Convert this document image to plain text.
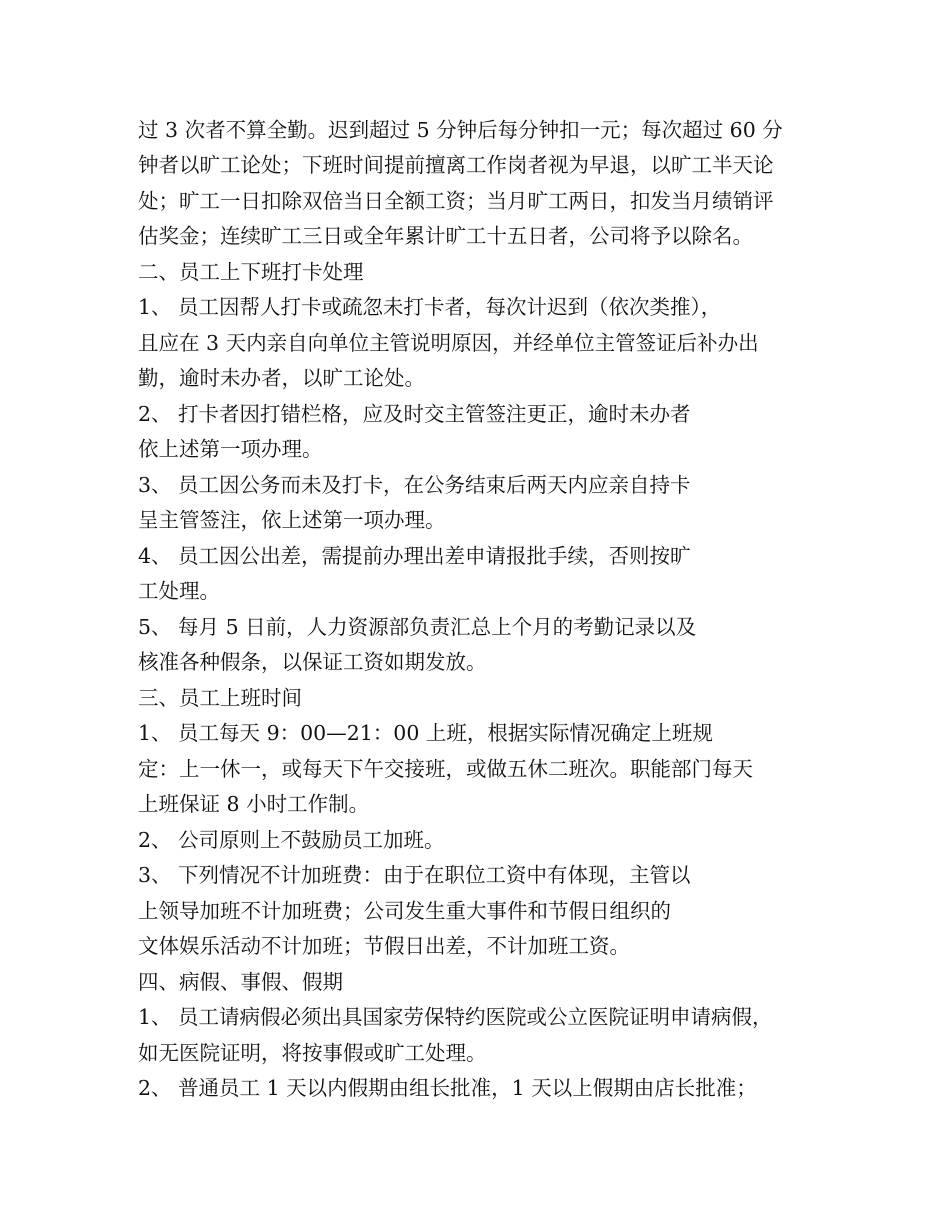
过 3 次者不算全勤。迟到超过 5 分钟后每分钟扣一元；每次超过 60 分
钟者以旷工论处；下班时间提前擅离工作岗者视为早退，以旷工半天论
处；旷工一日扣除双倍当日全额工资；当月旷工两日，扣发当月绩销评
估奖金；连续旷工三日或全年累计旷工十五日者，公司将予以除名。
二、员工上下班打卡处理
1、 员工因帮人打卡或疏忽未打卡者，每次计迟到（依次类推），
且应在 3 天内亲自向单位主管说明原因，并经单位主管签证后补办出
勤，逾时未办者，以旷工论处。
2、 打卡者因打错栏格，应及时交主管签注更正，逾时未办者
依上述第一项办理。
3、 员工因公务而未及打卡，在公务结束后两天内应亲自持卡
呈主管签注，依上述第一项办理。
4、 员工因公出差，需提前办理出差申请报批手续，否则按旷
工处理。
5、 每月 5 日前，人力资源部负责汇总上个月的考勤记录以及
核准各种假条，以保证工资如期发放。
三、员工上班时间
1、 员工每天 9：00—21：00 上班，根据实际情况确定上班规
定：上一休一，或每天下午交接班，或做五休二班次。职能部门每天
上班保证 8 小时工作制。
2、 公司原则上不鼓励员工加班。
3、 下列情况不计加班费：由于在职位工资中有体现，主管以
上领导加班不计加班费；公司发生重大事件和节假日组织的
文体娱乐活动不计加班；节假日出差，不计加班工资。
四、病假、事假、假期
1、 员工请病假必须出具国家劳保特约医院或公立医院证明申请病假，
如无医院证明，将按事假或旷工处理。
2、 普通员工 1 天以内假期由组长批准，1 天以上假期由店长批准；
